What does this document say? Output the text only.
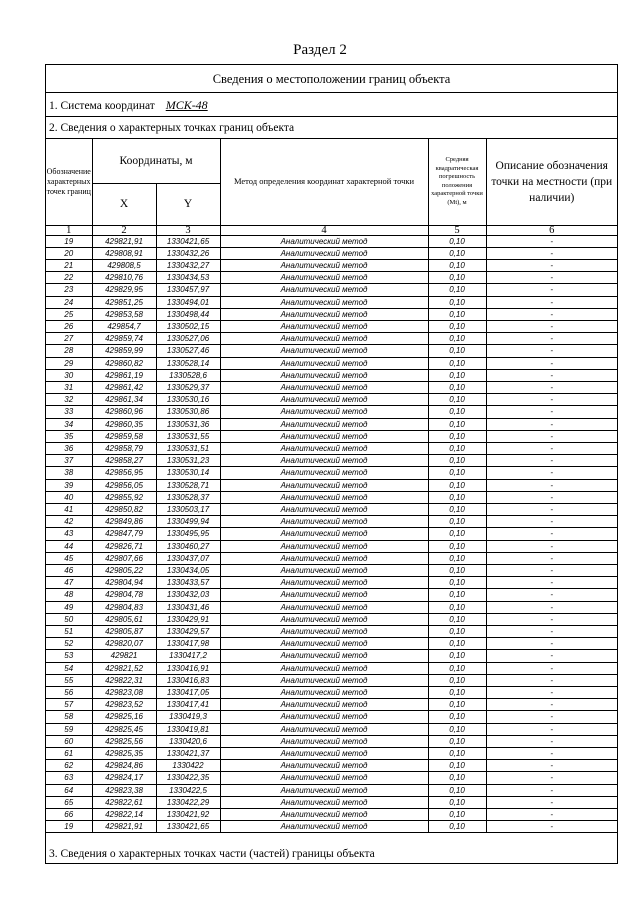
Раздел 2
Сведения о местоположении границ объекта
1. Система координат МСК-48
2. Сведения о характерных точках границ объекта
Обозначение характерных точек границ	Координаты, м		Метод определения координат характерной точки	Средняя квадратическая погрешность положения характерной точки (Mt), м	Описание обозначения точки на местности (при наличии)
	X	Y			
1	2	3	4	5	6
19	429821,91	1330421,65	Аналитический метод	0,10	-
20	429808,91	1330432,26	Аналитический метод	0,10	-
21	429808,5	1330432,27	Аналитический метод	0,10	-
22	429810,76	1330434,53	Аналитический метод	0,10	-
23	429829,95	1330457,97	Аналитический метод	0,10	-
24	429851,25	1330494,01	Аналитический метод	0,10	-
25	429853,58	1330498,44	Аналитический метод	0,10	-
26	429854,7	1330502,15	Аналитический метод	0,10	-
27	429859,74	1330527,06	Аналитический метод	0,10	-
28	429859,99	1330527,46	Аналитический метод	0,10	-
29	429860,82	1330528,14	Аналитический метод	0,10	-
30	429861,19	1330528,6	Аналитический метод	0,10	-
31	429861,42	1330529,37	Аналитический метод	0,10	-
32	429861,34	1330530,16	Аналитический метод	0,10	-
33	429860,96	1330530,86	Аналитический метод	0,10	-
34	429860,35	1330531,36	Аналитический метод	0,10	-
35	429859,58	1330531,55	Аналитический метод	0,10	-
36	429858,79	1330531,51	Аналитический метод	0,10	-
37	429858,27	1330531,23	Аналитический метод	0,10	-
38	429856,95	1330530,14	Аналитический метод	0,10	-
39	429856,05	1330528,71	Аналитический метод	0,10	-
40	429855,92	1330528,37	Аналитический метод	0,10	-
41	429850,82	1330503,17	Аналитический метод	0,10	-
42	429849,86	1330499,94	Аналитический метод	0,10	-
43	429847,79	1330495,95	Аналитический метод	0,10	-
44	429826,71	1330460,27	Аналитический метод	0,10	-
45	429807,66	1330437,07	Аналитический метод	0,10	-
46	429805,22	1330434,05	Аналитический метод	0,10	-
47	429804,94	1330433,57	Аналитический метод	0,10	-
48	429804,78	1330432,03	Аналитический метод	0,10	-
49	429804,83	1330431,46	Аналитический метод	0,10	-
50	429805,61	1330429,91	Аналитический метод	0,10	-
51	429805,87	1330429,57	Аналитический метод	0,10	-
52	429820,07	1330417,98	Аналитический метод	0,10	-
53	429821	1330417,2	Аналитический метод	0,10	-
54	429821,52	1330416,91	Аналитический метод	0,10	-
55	429822,31	1330416,83	Аналитический метод	0,10	-
56	429823,08	1330417,05	Аналитический метод	0,10	-
57	429823,52	1330417,41	Аналитический метод	0,10	-
58	429825,16	1330419,3	Аналитический метод	0,10	-
59	429825,45	1330419,81	Аналитический метод	0,10	-
60	429825,56	1330420,6	Аналитический метод	0,10	-
61	429825,35	1330421,37	Аналитический метод	0,10	-
62	429824,86	1330422	Аналитический метод	0,10	-
63	429824,17	1330422,35	Аналитический метод	0,10	-
64	429823,38	1330422,5	Аналитический метод	0,10	-
65	429822,61	1330422,29	Аналитический метод	0,10	-
66	429822,14	1330421,92	Аналитический метод	0,10	-
19	429821,91	1330421,65	Аналитический метод	0,10	-
3. Сведения о характерных точках части (частей) границы объекта
